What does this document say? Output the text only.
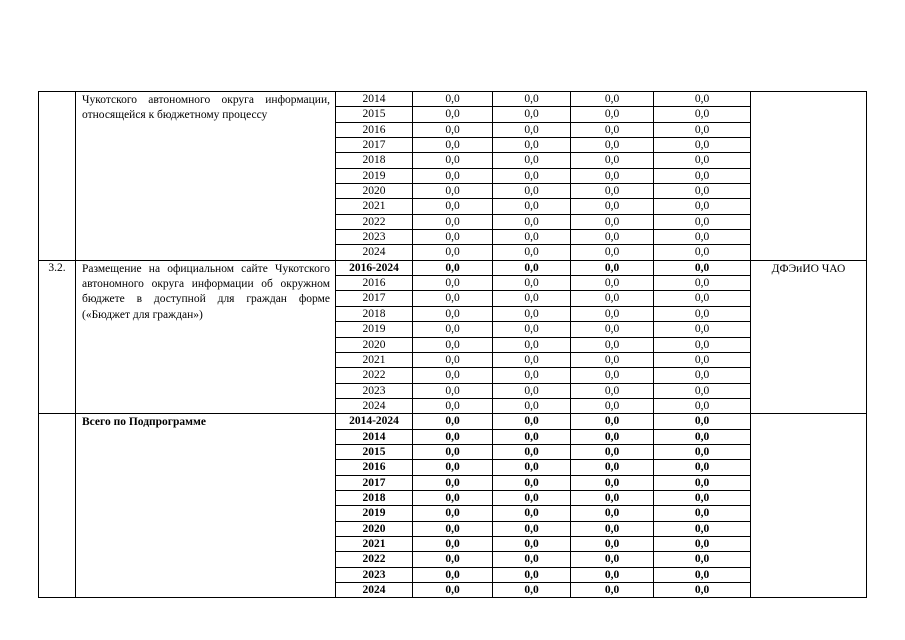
	Чукотского автономного округа информации, относящейся к бюджетному процессу	2014	0,0	0,0	0,0	0,0	
		2015	0,0	0,0	0,0	0,0	
		2016	0,0	0,0	0,0	0,0	
		2017	0,0	0,0	0,0	0,0	
		2018	0,0	0,0	0,0	0,0	
		2019	0,0	0,0	0,0	0,0	
		2020	0,0	0,0	0,0	0,0	
		2021	0,0	0,0	0,0	0,0	
		2022	0,0	0,0	0,0	0,0	
		2023	0,0	0,0	0,0	0,0	
		2024	0,0	0,0	0,0	0,0	
3.2.	Размещение на официальном сайте Чукотского автономного округа информации об окружном бюджете в доступной для граждан форме («Бюджет для граждан»)	2016-2024	0,0	0,0	0,0	0,0	ДФЭиИО ЧАО
		2016	0,0	0,0	0,0	0,0	
		2017	0,0	0,0	0,0	0,0	
		2018	0,0	0,0	0,0	0,0	
		2019	0,0	0,0	0,0	0,0	
		2020	0,0	0,0	0,0	0,0	
		2021	0,0	0,0	0,0	0,0	
		2022	0,0	0,0	0,0	0,0	
		2023	0,0	0,0	0,0	0,0	
		2024	0,0	0,0	0,0	0,0	
	Всего по Подпрограмме	2014-2024	0,0	0,0	0,0	0,0	
		2014	0,0	0,0	0,0	0,0	
		2015	0,0	0,0	0,0	0,0	
		2016	0,0	0,0	0,0	0,0	
		2017	0,0	0,0	0,0	0,0	
		2018	0,0	0,0	0,0	0,0	
		2019	0,0	0,0	0,0	0,0	
		2020	0,0	0,0	0,0	0,0	
		2021	0,0	0,0	0,0	0,0	
		2022	0,0	0,0	0,0	0,0	
		2023	0,0	0,0	0,0	0,0	
		2024	0,0	0,0	0,0	0,0	
